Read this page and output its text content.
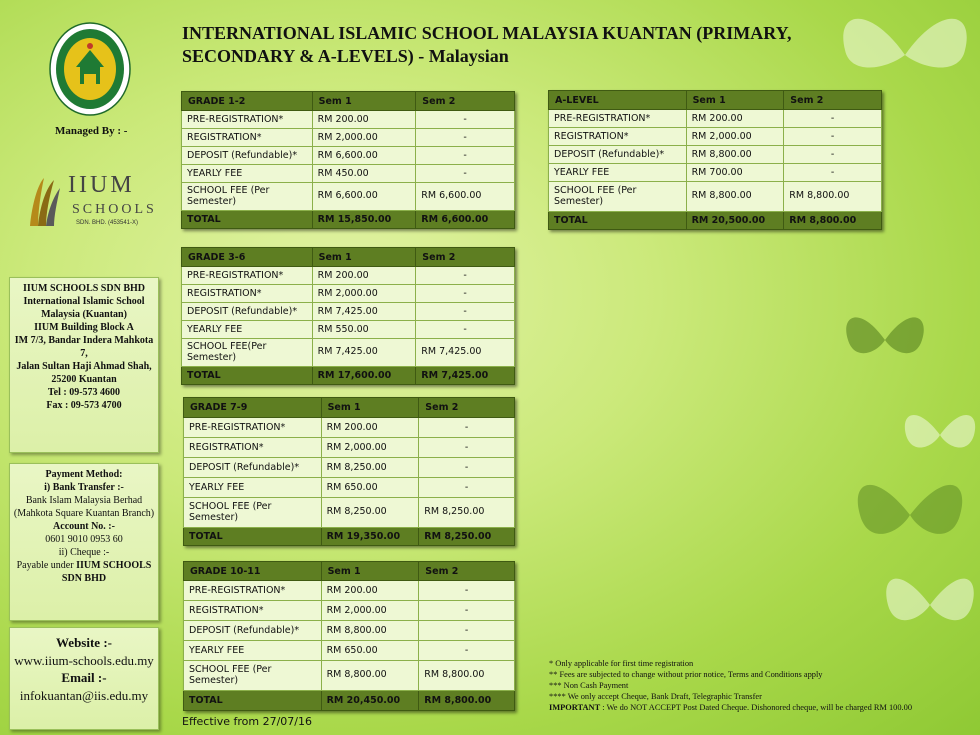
Managed By : -
IIUM
SCHOOLS
SDN. BHD. (453541-X)
IIUM SCHOOLS SDN BHD
International Islamic School Malaysia (Kuantan)
IIUM Building Block A
IM 7/3, Bandar Indera Mahkota 7,
Jalan Sultan Haji Ahmad Shah,
25200 Kuantan
Tel : 09-573 4600
Fax : 09-573 4700
Payment Method:
i) Bank Transfer :-
Bank Islam Malaysia Berhad (Mahkota Square Kuantan Branch)
Account No. :-
0601 9010 0953 60
ii) Cheque :-
Payable under IIUM SCHOOLS SDN BHD
Website :-
www.iium-schools.edu.my
Email :-
infokuantan@iis.edu.my
INTERNATIONAL ISLAMIC SCHOOL MALAYSIA KUANTAN (PRIMARY, SECONDARY & A-LEVELS) - Malaysian
GRADE 1-2	Sem 1	Sem 2
PRE-REGISTRATION*	RM 200.00	-
REGISTRATION*	RM 2,000.00	-
DEPOSIT (Refundable)*	RM 6,600.00	-
YEARLY FEE	RM 450.00	-
SCHOOL FEE (Per Semester)	RM 6,600.00	RM 6,600.00
TOTAL	RM 15,850.00	RM 6,600.00
GRADE 3-6	Sem 1	Sem 2
PRE-REGISTRATION*	RM 200.00	-
REGISTRATION*	RM 2,000.00	-
DEPOSIT (Refundable)*	RM 7,425.00	-
YEARLY FEE	RM 550.00	-
SCHOOL FEE(Per Semester)	RM 7,425.00	RM 7,425.00
TOTAL	RM 17,600.00	RM 7,425.00
GRADE 7-9	Sem 1	Sem 2
PRE-REGISTRATION*	RM 200.00	-
REGISTRATION*	RM 2,000.00	-
DEPOSIT (Refundable)*	RM 8,250.00	-
YEARLY FEE	RM 650.00	-
SCHOOL FEE (Per Semester)	RM 8,250.00	RM 8,250.00
TOTAL	RM 19,350.00	RM 8,250.00
GRADE 10-11	Sem 1	Sem 2
PRE-REGISTRATION*	RM 200.00	-
REGISTRATION*	RM 2,000.00	-
DEPOSIT (Refundable)*	RM 8,800.00	-
YEARLY FEE	RM 650.00	-
SCHOOL FEE (Per Semester)	RM 8,800.00	RM 8,800.00
TOTAL	RM 20,450.00	RM 8,800.00
A-LEVEL	Sem 1	Sem 2
PRE-REGISTRATION*	RM 200.00	-
REGISTRATION*	RM 2,000.00	-
DEPOSIT (Refundable)*	RM 8,800.00	-
YEARLY FEE	RM 700.00	-
SCHOOL FEE (Per Semester)	RM 8,800.00	RM 8,800.00
TOTAL	RM 20,500.00	RM 8,800.00
* Only applicable for first time registration
** Fees are subjected to change without prior notice, Terms and Conditions apply
*** Non Cash Payment
**** We only accept Cheque, Bank Draft, Telegraphic Transfer
IMPORTANT : We do NOT ACCEPT Post Dated Cheque. Dishonored cheque, will be charged RM 100.00
Effective from 27/07/16
